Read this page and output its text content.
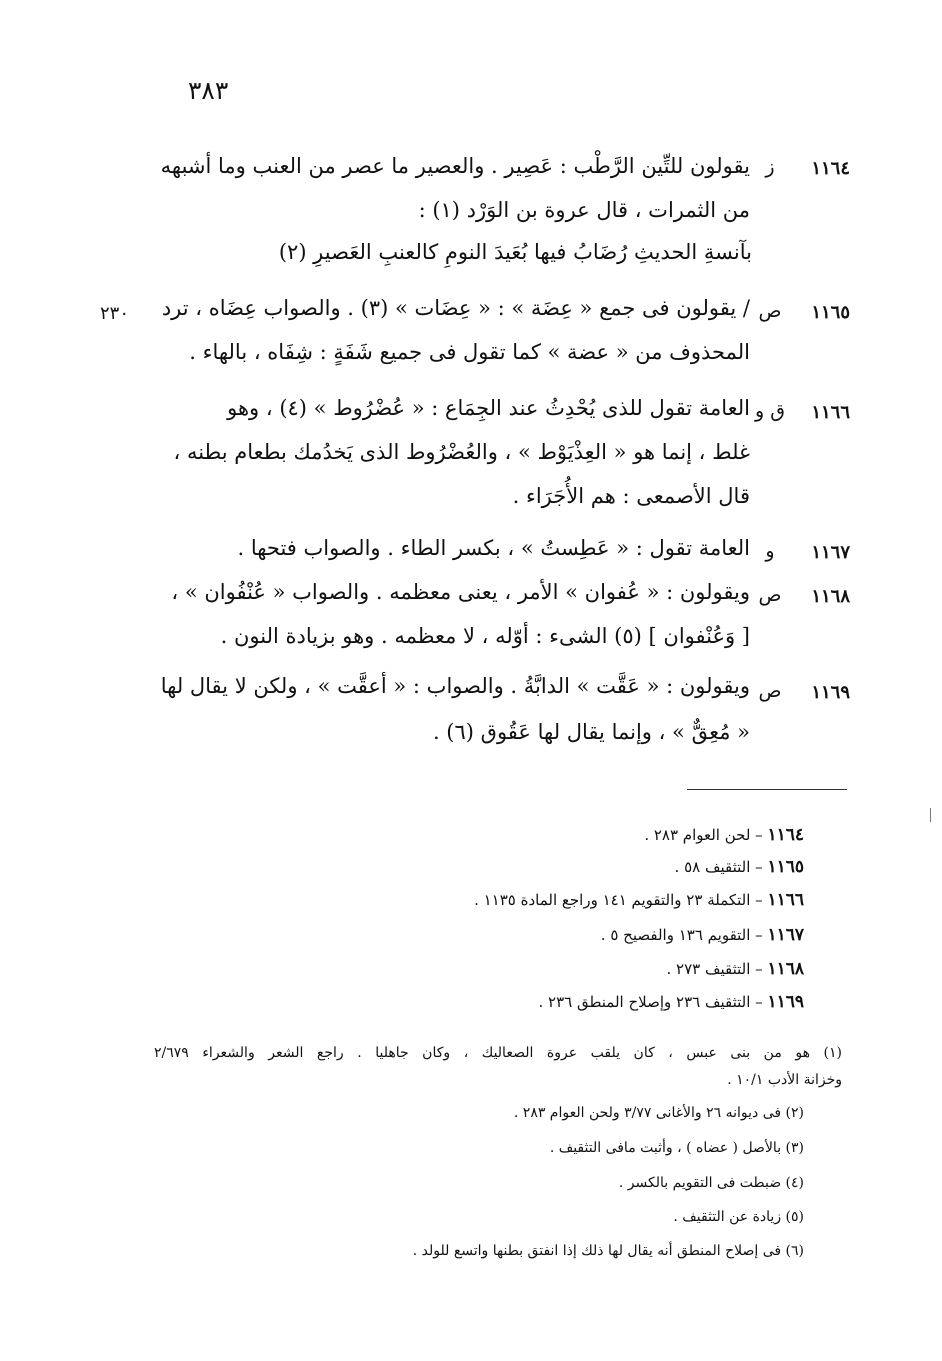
٣٨٣
١١٦٤
ز
يقولون للتِّين الرَّطْب : عَصِير . والعصير ما عصر من العنب وما أشبهه
من الثمرات ، قال عروة بن الوَرْد (١) :
بآنسةِ الحديثِ رُضَابُ فيها بُعَيدَ النومِ كالعنبِ العَصيرِ (٢)
١١٦٥
ص
٢٣٠	/ يقولون فى جمع « عِضَة » : « عِضَات » (٣) . والصواب عِضَاه ، ترد
المحذوف من « عضة » كما تقول فى جميع شَفَةٍ : شِفَاه ، بالهاء .
١١٦٦
ق و
العامة تقول للذى يُحْدِثُ عند الجِمَاع : « عُضْرُوط » (٤) ، وهو
غلط ، إنما هو « العِذْيَوْط » ، والعُضْرُوط الذى يَخدُمك بطعام بطنه ،
قال الأصمعى : هم الأُجَرَاء .
١١٦٧
و
العامة تقول : « عَطِستُ » ، بكسر الطاء . والصواب فتحها .
١١٦٨
ص
ويقولون : « عُفوان » الأمر ، يعنى معظمه . والصواب « عُنْفُوان » ،
[ وَعُنْفوان ] (٥) الشىء : أوّله ، لا معظمه . وهو بزيادة النون .
١١٦٩
ص
ويقولون : « عَقَّت » الدابَّةُ . والصواب : « أعقَّت » ، ولكن لا يقال لها
« مُعِقٌّ » ، وإنما يقال لها عَقُوق (٦) .
١١٦٤ – لحن العوام ٢٨٣ .
١١٦٥ – التثقيف ٥٨ .
١١٦٦ – التكملة ٢٣ والتقويم ١٤١ وراجع المادة ١١٣٥ .
١١٦٧ – التقويم ١٣٦ والفصيح ٥ .
١١٦٨ – التثقيف ٢٧٣ .
١١٦٩ – التثقيف ٢٣٦ وإصلاح المنطق ٢٣٦ .
(١) هو من بنى عبس ، كان يلقب عروة الصعاليك ، وكان جاهليا . راجع الشعر والشعراء ٢/٦٧٩
وخزانة الأدب ١٠/١ .
(٢) فى ديوانه ٢٦ والأغانى ٣/٧٧ ولحن العوام ٢٨٣ .
(٣) بالأصل ( عضاه ) ، وأثبت مافى التثقيف .
(٤) ضبطت فى التقويم بالكسر .
(٥) زيادة عن التثقيف .
(٦) فى إصلاح المنطق أنه يقال لها ذلك إذا انفتق بطنها واتسع للولد .
